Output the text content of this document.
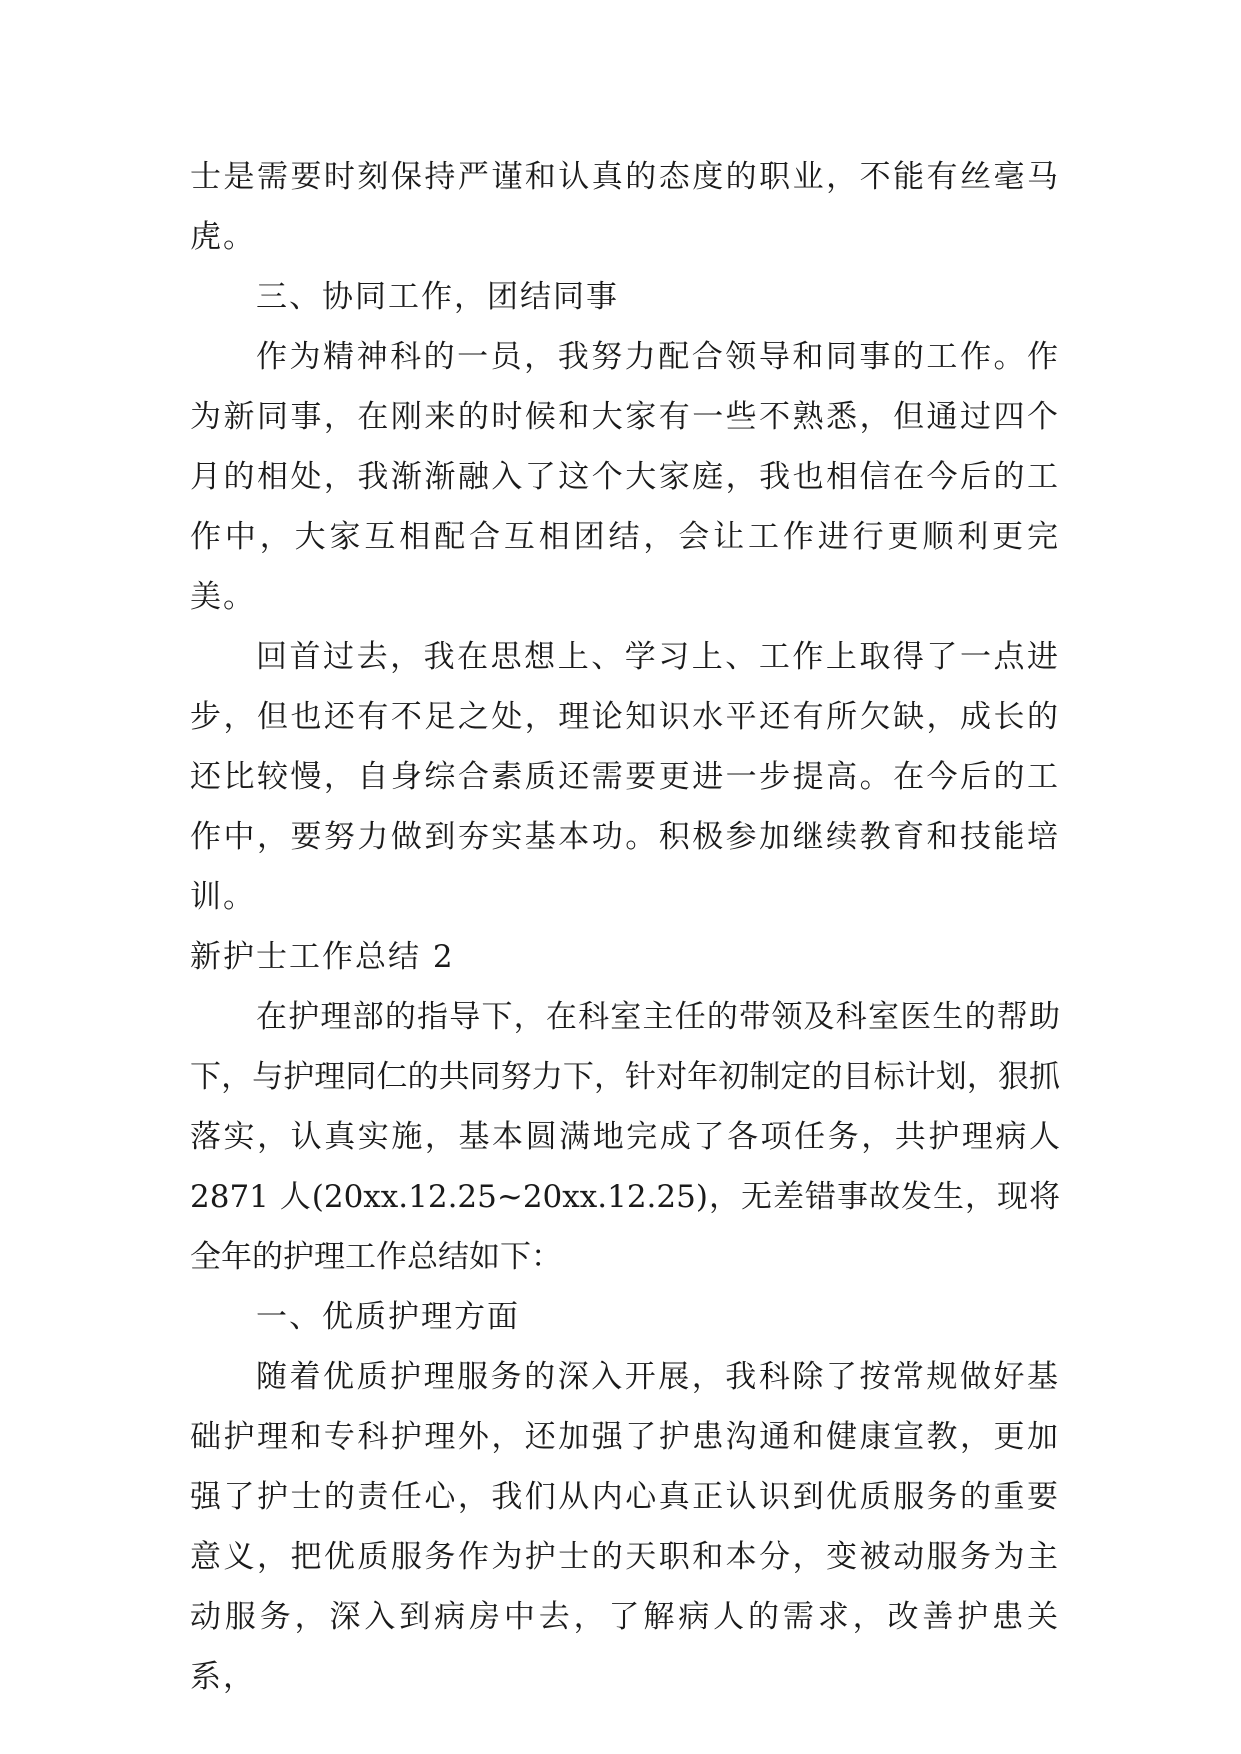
士是需要时刻保持严谨和认真的态度的职业，不能有丝毫马虎。

三、协同工作，团结同事

作为精神科的一员，我努力配合领导和同事的工作。作为新同事，在刚来的时候和大家有一些不熟悉，但通过四个月的相处，我渐渐融入了这个大家庭，我也相信在今后的工作中，大家互相配合互相团结，会让工作进行更顺利更完美。

回首过去，我在思想上、学习上、工作上取得了一点进步，但也还有不足之处，理论知识水平还有所欠缺，成长的还比较慢，自身综合素质还需要更进一步提高。在今后的工作中，要努力做到夯实基本功。积极参加继续教育和技能培训。

新护士工作总结 2

在护理部的指导下，在科室主任的带领及科室医生的帮助下，与护理同仁的共同努力下，针对年初制定的目标计划，狠抓落实，认真实施，基本圆满地完成了各项任务，共护理病人 2871 人(20xx.12.25~20xx.12.25)，无差错事故发生，现将全年的护理工作总结如下：

一、优质护理方面

随着优质护理服务的深入开展，我科除了按常规做好基础护理和专科护理外，还加强了护患沟通和健康宣教，更加强了护士的责任心，我们从内心真正认识到优质服务的重要意义，把优质服务作为护士的天职和本分，变被动服务为主动服务，深入到病房中去，了解病人的需求，改善护患关系，
